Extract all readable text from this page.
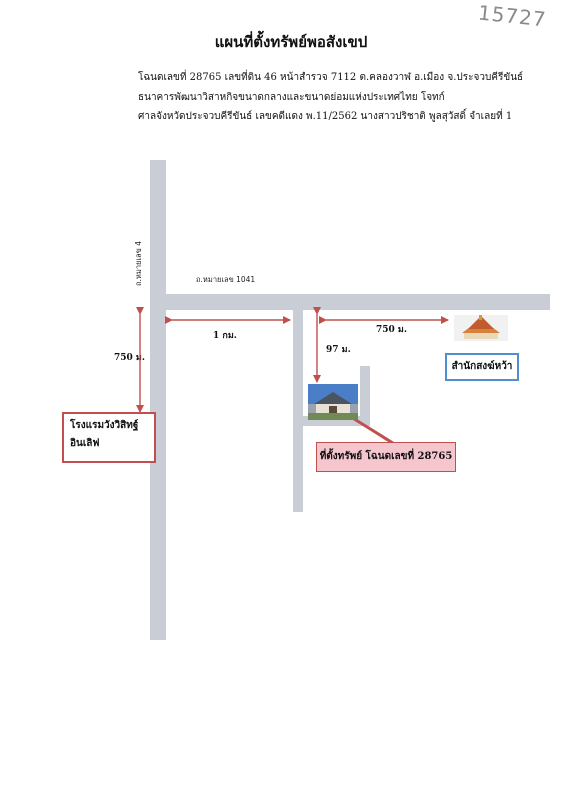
15727
แผนที่ตั้งทรัพย์พอสังเขป
โฉนดเลขที่ 28765 เลขที่ดิน 46 หน้าสำรวจ 7112 ต.คลองวาฬ อ.เมือง จ.ประจวบคีรีขันธ์
ธนาคารพัฒนาวิสาหกิจขนาดกลางและขนาดย่อมแห่งประเทศไทย โจทก์
ศาลจังหวัดประจวบคีรีขันธ์ เลขคดีแดง พ.11/2562 นางสาวปริชาติ พูลสุวัสดิ์ จำเลยที่ 1
ถ.หมายเลข 4	ถ.หมายเลข 1041
750 ม.
1 กม.
97 ม.
750 ม.
โรงแรมวังวิสิทฐ์
อินเลิฟ
สำนักสงฆ์หว้า
ที่ตั้งทรัพย์ โฉนดเลขที่ 28765
